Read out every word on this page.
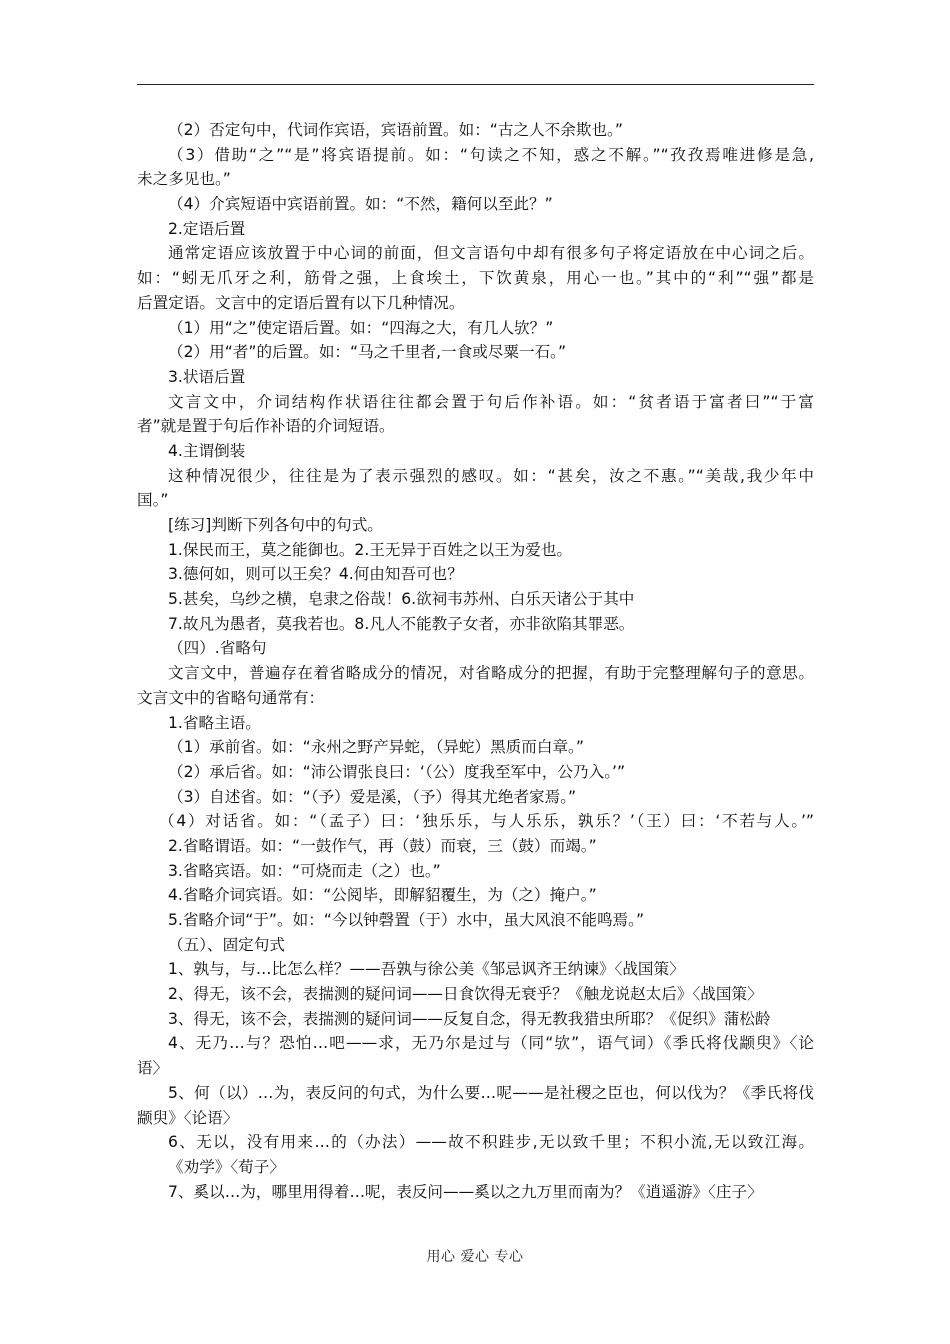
（2）否定句中，代词作宾语，宾语前置。如：“古之人不余欺也。”
（3）借助“之”“是”将宾语提前。如：“句读之不知，惑之不解。”“孜孜焉唯进修是急,
未之多见也。”
（4）介宾短语中宾语前置。如：“不然，籍何以至此？”
2.定语后置
通常定语应该放置于中心词的前面，但文言语句中却有很多句子将定语放在中心词之后。
如：“蚓无爪牙之利，筋骨之强，上食埃土，下饮黄泉，用心一也。”其中的“利”“强”都是
后置定语。文言中的定语后置有以下几种情况。
（1）用“之”使定语后置。如：“四海之大，有几人欤？”
（2）用“者”的后置。如：“马之千里者,一食或尽粟一石。”
3.状语后置
文言文中，介词结构作状语往往都会置于句后作补语。如：“贫者语于富者曰”“于富
者”就是置于句后作补语的介词短语。
4.主谓倒装
这种情况很少，往往是为了表示强烈的感叹。如：“甚矣，汝之不惠。”“美哉,我少年中
国。”
[练习]判断下列各句中的句式。
1.保民而王，莫之能御也。2.王无异于百姓之以王为爱也。
3.德何如，则可以王矣？4.何由知吾可也？
5.甚矣，乌纱之横，皂隶之俗哉！6.欲祠韦苏州、白乐天诸公于其中
7.故凡为愚者，莫我若也。8.凡人不能教子女者，亦非欲陷其罪恶。
（四）.省略句
文言文中，普遍存在着省略成分的情况，对省略成分的把握，有助于完整理解句子的意思。
文言文中的省略句通常有：
1.省略主语。
（1）承前省。如：“永州之野产异蛇，（异蛇）黑质而白章。”
（2）承后省。如：“沛公谓张良曰：‘（公）度我至军中，公乃入。’”
（3）自述省。如：“（予）爱是溪，（予）得其尤绝者家焉。”
（4）对话省。如：“（孟子）曰：‘独乐乐，与人乐乐，孰乐？’（王）曰：‘不若与人。’”
2.省略谓语。如：“一鼓作气，再（鼓）而衰，三（鼓）而竭。”
3.省略宾语。如：“可烧而走（之）也。”
4.省略介词宾语。如：“公阅毕，即解貂覆生，为（之）掩户。”
5.省略介词“于”。如：“今以钟磬置（于）水中，虽大风浪不能鸣焉。”
（五）、固定句式
1、孰与，与…比怎么样？——吾孰与徐公美《邹忌讽齐王纳谏》〈战国策〉
2、得无，该不会，表揣测的疑问词——日食饮得无衰乎？《触龙说赵太后》〈战国策〉
3、得无，该不会，表揣测的疑问词——反复自念，得无教我猎虫所耶？《促织》蒲松龄
4、无乃…与？恐怕…吧——求，无乃尔是过与（同“欤”，语气词）《季氏将伐颛臾》〈论
语〉
5、何（以）…为，表反问的句式，为什么要…呢——是社稷之臣也，何以伐为？《季氏将伐
颛臾》〈论语〉
6、无以，没有用来…的（办法）——故不积跬步,无以致千里；不积小流,无以致江海。
《劝学》〈荀子〉
7、奚以…为，哪里用得着…呢，表反问——奚以之九万里而南为？《逍遥游》〈庄子〉
用心 爱心 专心
